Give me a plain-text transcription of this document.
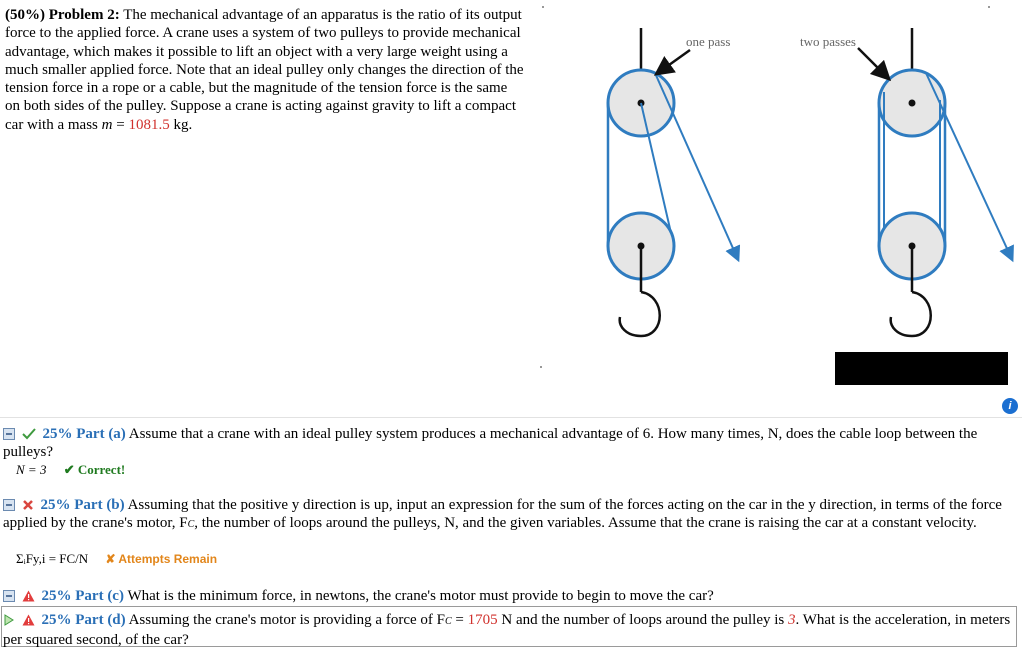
(50%) Problem 2: The mechanical advantage of an apparatus is the ratio of its output force to the applied force. A crane uses a system of two pulleys to provide mechanical advantage, which makes it possible to lift an object with a very large weight using a much smaller applied force. Note that an ideal pulley only changes the direction of the tension force in a rope or a cable, but the magnitude of the tension force is the same on both sides of the pulley. Suppose a crane is acting against gravity to lift a compact car with a mass m = 1081.5 kg.
one pass	two passes
i
25% Part (a) Assume that a crane with an ideal pulley system produces a mechanical advantage of 6. How many times, N, does the cable loop between the pulleys?
N = 3 ✔ Correct!
25% Part (b) Assuming that the positive y direction is up, input an expression for the sum of the forces acting on the car in the y direction, in terms of the force applied by the crane's motor, FC, the number of loops around the pulleys, N, and the given variables. Assume that the crane is raising the car at a constant velocity.
ΣᵢFy,i = FC/N ✘ Attempts Remain
25% Part (c) What is the minimum force, in newtons, the crane's motor must provide to begin to move the car?
25% Part (d) Assuming the crane's motor is providing a force of FC = 1705 N and the number of loops around the pulley is 3. What is the acceleration, in meters per squared second, of the car?
